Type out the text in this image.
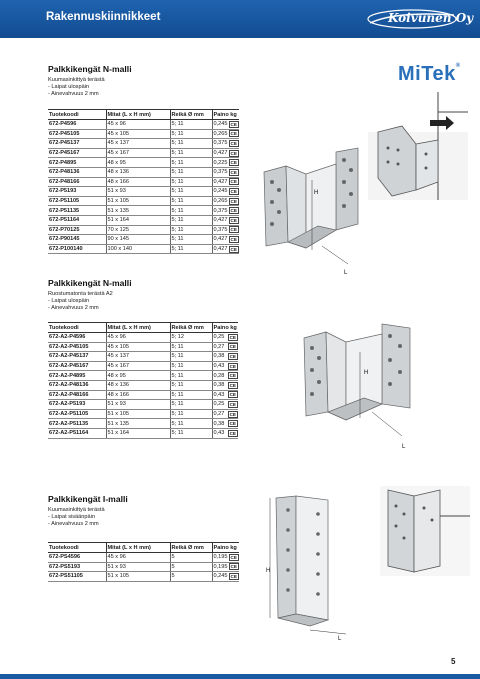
Rakennuskiinnikkeet	Koivunen Oy
MiTek®
Palkkikengät N-malli
Kuumasinkittyä terästä
- Laipat ulospäin
- Ainevahvuus 2 mm
Tuotekoodi	Mitat (L x H mm)	Reikä Ø mm	Paino kg	
672-P4596	45 x 96	5; 11	0,245	CE
672-P45105	45 x 105	5; 11	0,265	CE
672-P45137	45 x 137	5; 11	0,375	CE
672-P45167	45 x 167	5; 11	0,427	CE
672-P4895	48 x 95	5; 11	0,225	CE
672-P48136	48 x 136	5; 11	0,375	CE
672-P48166	48 x 166	5; 11	0,427	CE
672-P5193	51 x 93	5; 11	0,245	CE
672-P51105	51 x 105	5; 11	0,265	CE
672-P51135	51 x 135	5; 11	0,375	CE
672-P51164	51 x 164	5; 11	0,427	CE
672-P70125	70 x 125	5; 11	0,375	CE
672-P90145	90 x 145	5; 11	0,427	CE
672-P100140	100 x 140	5; 11	0,427	CE
Palkkikengät N-malli
Ruostumatonta terästä A2
- Laipat ulospäin
- Ainevahvuus 2 mm
Tuotekoodi	Mitat (L x H mm)	Reikä Ø mm	Paino kg	
672-A2-P4596	45 x 96	5; 12	0,25	CE
672-A2-P45105	45 x 105	5; 11	0,27	CE
672-A2-P45137	45 x 137	5; 11	0,38	CE
672-A2-P45167	45 x 167	5; 11	0,43	CE
672-A2-P4895	48 x 95	5; 11	0,28	CE
672-A2-P48136	48 x 136	5; 11	0,38	CE
672-A2-P48166	48 x 166	5; 11	0,43	CE
672-A2-P5193	51 x 93	5; 11	0,25	CE
672-A2-P51105	51 x 105	5; 11	0,27	CE
672-A2-P51135	51 x 135	5; 11	0,38	CE
672-A2-P51164	51 x 164	5; 11	0,43	CE
Palkkikengät I-malli
Kuumasinkittyä terästä
- Laipat sisäänpäin
- Ainevahvuus 2 mm
Tuotekoodi	Mitat (L x H mm)	Reikä Ø mm	Paino kg	
672-PS4596	45 x 96	5	0,195	CE
672-PS5193	51 x 93	5	0,195	CE
672-PS51105	51 x 105	5	0,245	CE
H
L
H
L
H
L
5
